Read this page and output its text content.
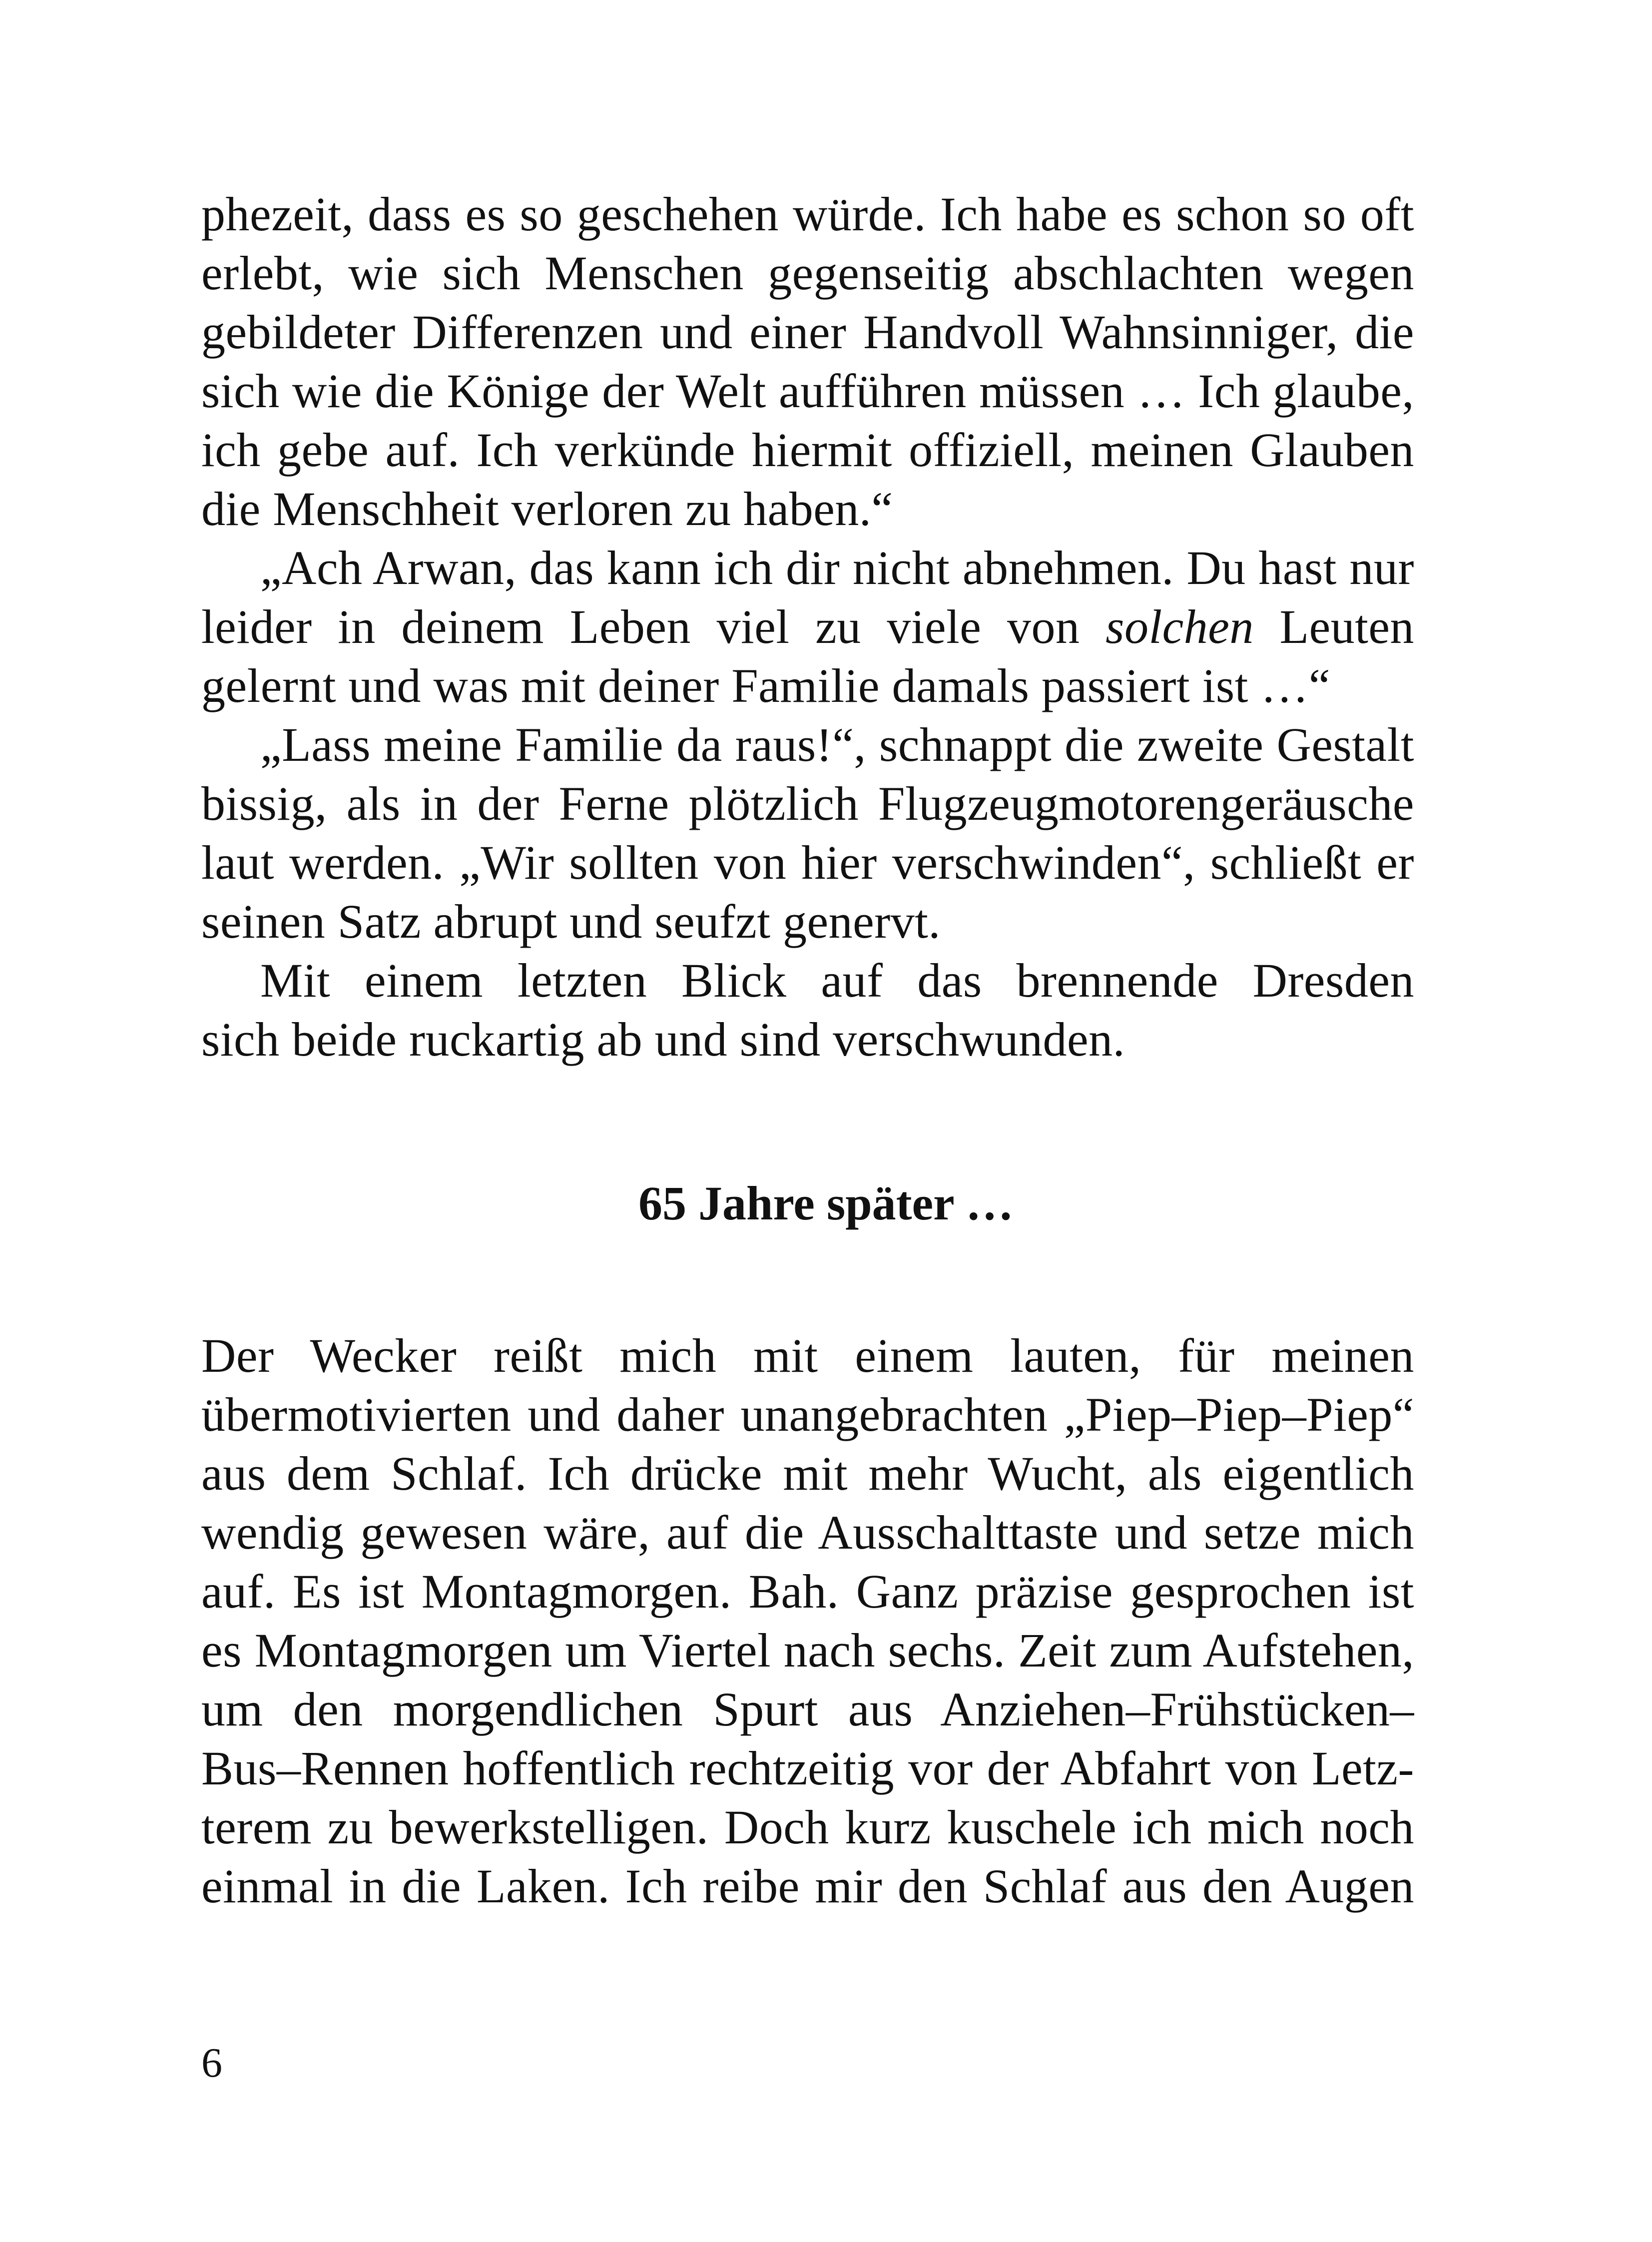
phezeit, dass es so geschehen würde. Ich habe es schon so oft
erlebt, wie sich Menschen gegenseitig abschlachten wegen
gebildeter Differenzen und einer Handvoll Wahnsinniger, die
sich wie die Könige der Welt aufführen müssen … Ich glaube,
ich gebe auf. Ich verkünde hiermit offiziell, meinen Glauben
die Menschheit verloren zu haben.“
„Ach Arwan, das kann ich dir nicht abnehmen. Du hast nur
leider in deinem Leben viel zu viele von solchen Leuten
gelernt und was mit deiner Familie damals passiert ist …“
„Lass meine Familie da raus!“, schnappt die zweite Gestalt
bissig, als in der Ferne plötzlich Flugzeugmotorengeräusche
laut werden. „Wir sollten von hier verschwinden“, schließt er
seinen Satz abrupt und seufzt genervt.
Mit einem letzten Blick auf das brennende Dresden
sich beide ruckartig ab und sind verschwunden.
65 Jahre später …
Der Wecker reißt mich mit einem lauten, für meinen
übermotivierten und daher unangebrachten „Piep–Piep–Piep“
aus dem Schlaf. Ich drücke mit mehr Wucht, als eigentlich
wendig gewesen wäre, auf die Ausschalttaste und setze mich
auf. Es ist Montagmorgen. Bah. Ganz präzise gesprochen ist
es Montagmorgen um Viertel nach sechs. Zeit zum Aufstehen,
um den morgendlichen Spurt aus Anziehen–Frühstücken–
Bus–Rennen hoffentlich rechtzeitig vor der Abfahrt von Letz-
terem zu bewerkstelligen. Doch kurz kuschele ich mich noch
einmal in die Laken. Ich reibe mir den Schlaf aus den Augen
6
